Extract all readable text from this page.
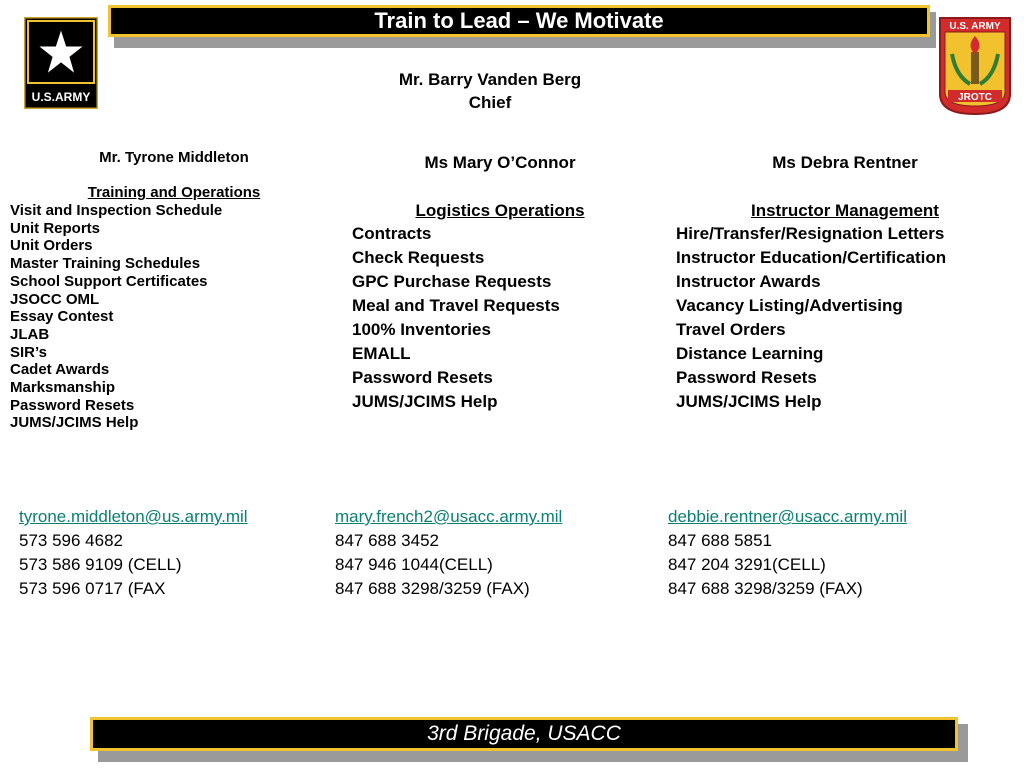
Train to Lead – We Motivate
U.S.ARMY
U.S. ARMY
JROTC
Mr. Barry Vanden Berg
Chief
Mr. Tyrone Middleton
Training and Operations
Visit and Inspection Schedule
Unit Reports
Unit Orders
Master Training Schedules
School Support Certificates
JSOCC OML
Essay Contest
JLAB
SIR’s
Cadet Awards
Marksmanship
Password Resets
JUMS/JCIMS Help
Ms Mary O’Connor
Logistics Operations
Contracts
Check Requests
GPC Purchase Requests
Meal and Travel Requests
100% Inventories
EMALL
Password Resets
JUMS/JCIMS Help
Ms Debra Rentner
Instructor Management
Hire/Transfer/Resignation Letters
Instructor Education/Certification
Instructor Awards
Vacancy Listing/Advertising
Travel Orders
Distance Learning
Password Resets
JUMS/JCIMS Help
tyrone.middleton@us.army.mil
573 596 4682
573 586 9109 (CELL)
573 596 0717 (FAX
mary.french2@usacc.army.mil
847 688 3452
847 946 1044(CELL)
847 688 3298/3259 (FAX)
debbie.rentner@usacc.army.mil
847 688 5851
847 204 3291(CELL)
847 688 3298/3259 (FAX)
3rd Brigade, USACC
